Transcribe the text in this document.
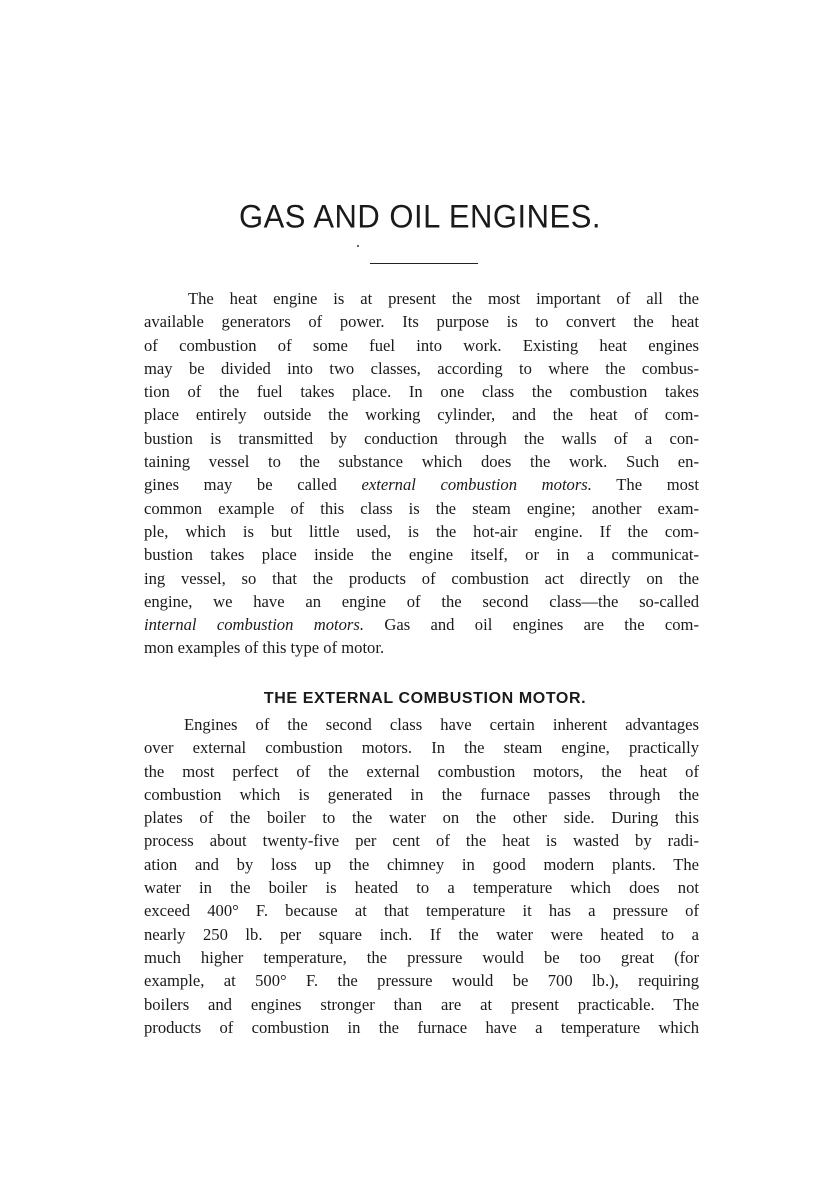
GAS AND OIL ENGINES.
The heat engine is at present the most important of all the
available generators of power. Its purpose is to convert the heat
of combustion of some fuel into work. Existing heat engines
may be divided into two classes, according to where the combus-
tion of the fuel takes place. In one class the combustion takes
place entirely outside the working cylinder, and the heat of com-
bustion is transmitted by conduction through the walls of a con-
taining vessel to the substance which does the work. Such en-
gines may be called external combustion motors. The most
common example of this class is the steam engine; another exam-
ple, which is but little used, is the hot-air engine. If the com-
bustion takes place inside the engine itself, or in a communicat-
ing vessel, so that the products of combustion act directly on the
engine, we have an engine of the second class—the so-called
internal combustion motors. Gas and oil engines are the com-
mon examples of this type of motor.
THE EXTERNAL COMBUSTION MOTOR.
Engines of the second class have certain inherent advantages
over external combustion motors. In the steam engine, practically
the most perfect of the external combustion motors, the heat of
combustion which is generated in the furnace passes through the
plates of the boiler to the water on the other side. During this
process about twenty-five per cent of the heat is wasted by radi-
ation and by loss up the chimney in good modern plants. The
water in the boiler is heated to a temperature which does not
exceed 400° F. because at that temperature it has a pressure of
nearly 250 lb. per square inch. If the water were heated to a
much higher temperature, the pressure would be too great (for
example, at 500° F. the pressure would be 700 lb.), requiring
boilers and engines stronger than are at present practicable. The
products of combustion in the furnace have a temperature which
